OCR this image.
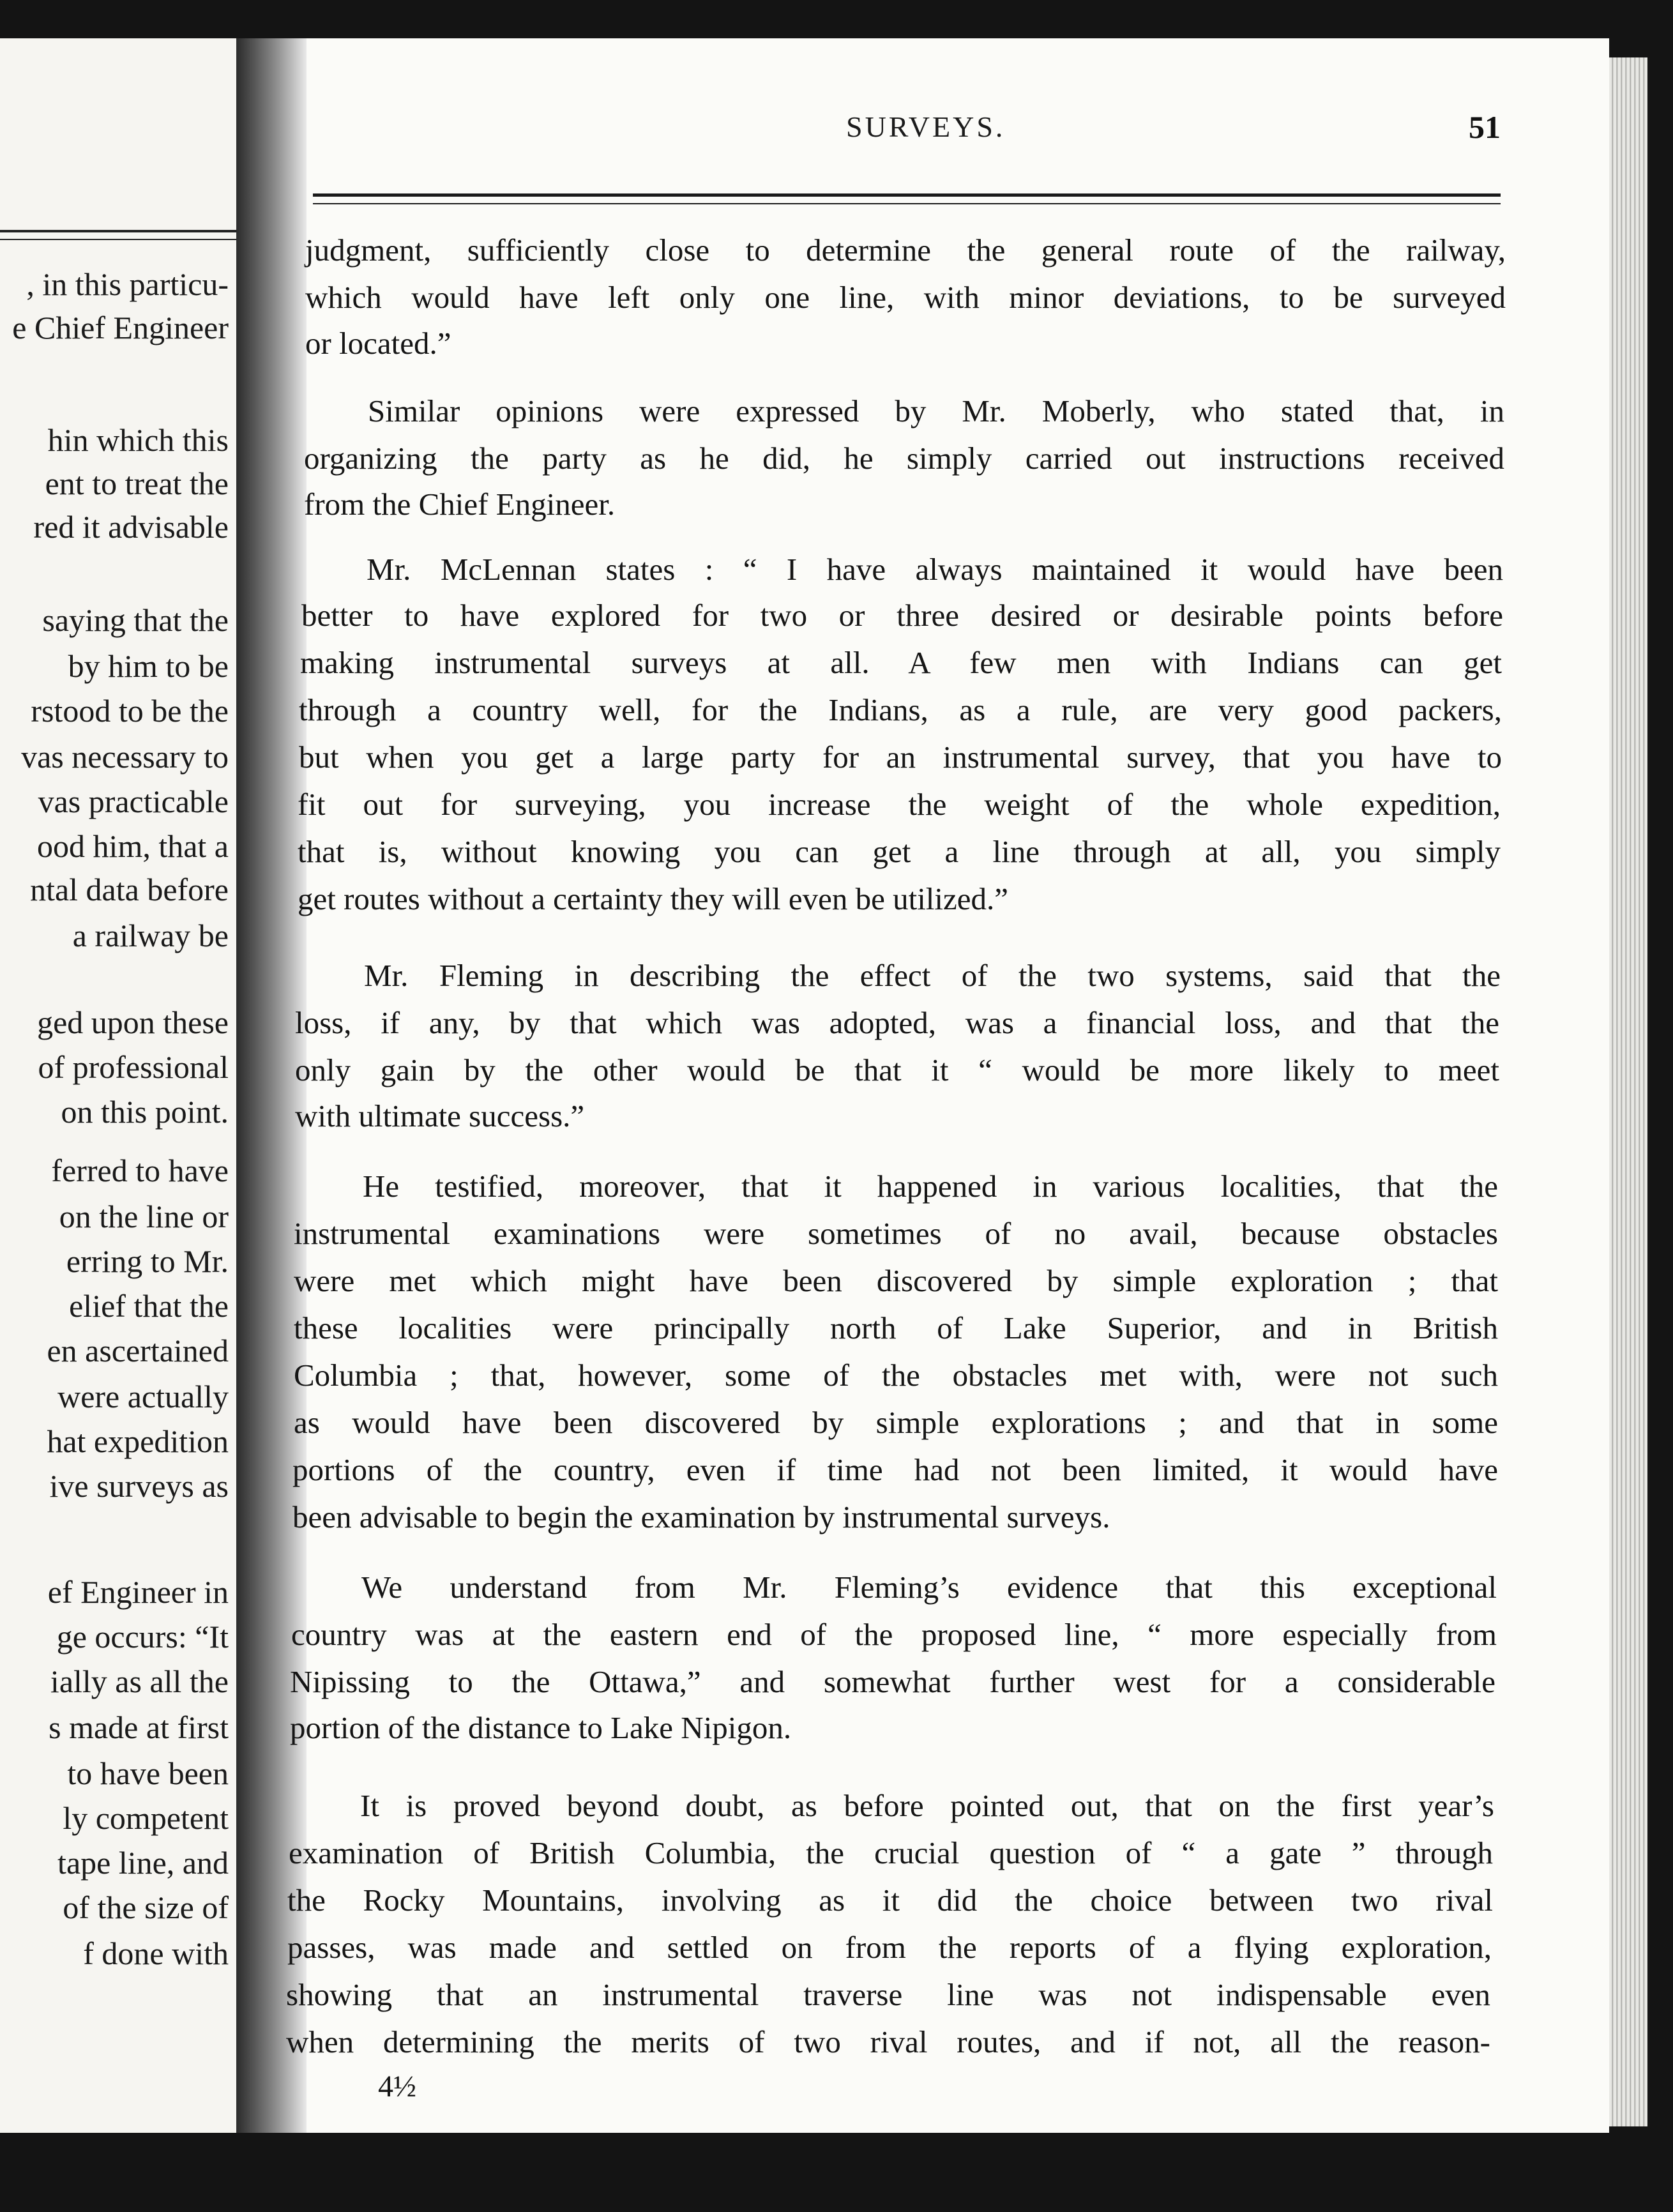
, in this particu-
e Chief Engineer
hin which this
ent to treat the
red it advisable
saying that the
by him to be
rstood to be the
vas necessary to
vas practicable
ood him, that a
ntal data before
a railway be
ged upon these
of professional
on this point.
ferred to have
on the line or
erring to Mr.
elief that the
en ascertained
were actually
hat expedition
ive surveys as
ef Engineer in
ge occurs: “It
ially as all the
s made at first
to have been
ly competent
tape line, and
of the size of
f done with
SURVEYS.	51
judgment, sufficiently close to determine the general route of the railway,
which would have left only one line, with minor deviations, to be surveyed
or located.”
Similar opinions were expressed by Mr. Moberly, who stated that, in
organizing the party as he did, he simply carried out instructions received
from the Chief Engineer.
Mr. McLennan states : “ I have always maintained it would have been
better to have explored for two or three desired or desirable points before
making instrumental surveys at all. A few men with Indians can get
through a country well, for the Indians, as a rule, are very good packers,
but when you get a large party for an instrumental survey, that you have to
fit out for surveying, you increase the weight of the whole expedition,
that is, without knowing you can get a line through at all, you simply
get routes without a certainty they will even be utilized.”
Mr. Fleming in describing the effect of the two systems, said that the
loss, if any, by that which was adopted, was a financial loss, and that the
only gain by the other would be that it “ would be more likely to meet
with ultimate success.”
He testified, moreover, that it happened in various localities, that the
instrumental examinations were sometimes of no avail, because obstacles
were met which might have been discovered by simple exploration ; that
these localities were principally north of Lake Superior, and in British
Columbia ; that, however, some of the obstacles met with, were not such
as would have been discovered by simple explorations ; and that in some
portions of the country, even if time had not been limited, it would have
been advisable to begin the examination by instrumental surveys.
We understand from Mr. Fleming’s evidence that this exceptional
country was at the eastern end of the proposed line, “ more especially from
Nipissing to the Ottawa,” and somewhat further west for a considerable
portion of the distance to Lake Nipigon.
It is proved beyond doubt, as before pointed out, that on the first year’s
examination of British Columbia, the crucial question of “ a gate ” through
the Rocky Mountains, involving as it did the choice between two rival
passes, was made and settled on from the reports of a flying exploration,
showing that an instrumental traverse line was not indispensable even
when determining the merits of two rival routes, and if not, all the reason-
4½
